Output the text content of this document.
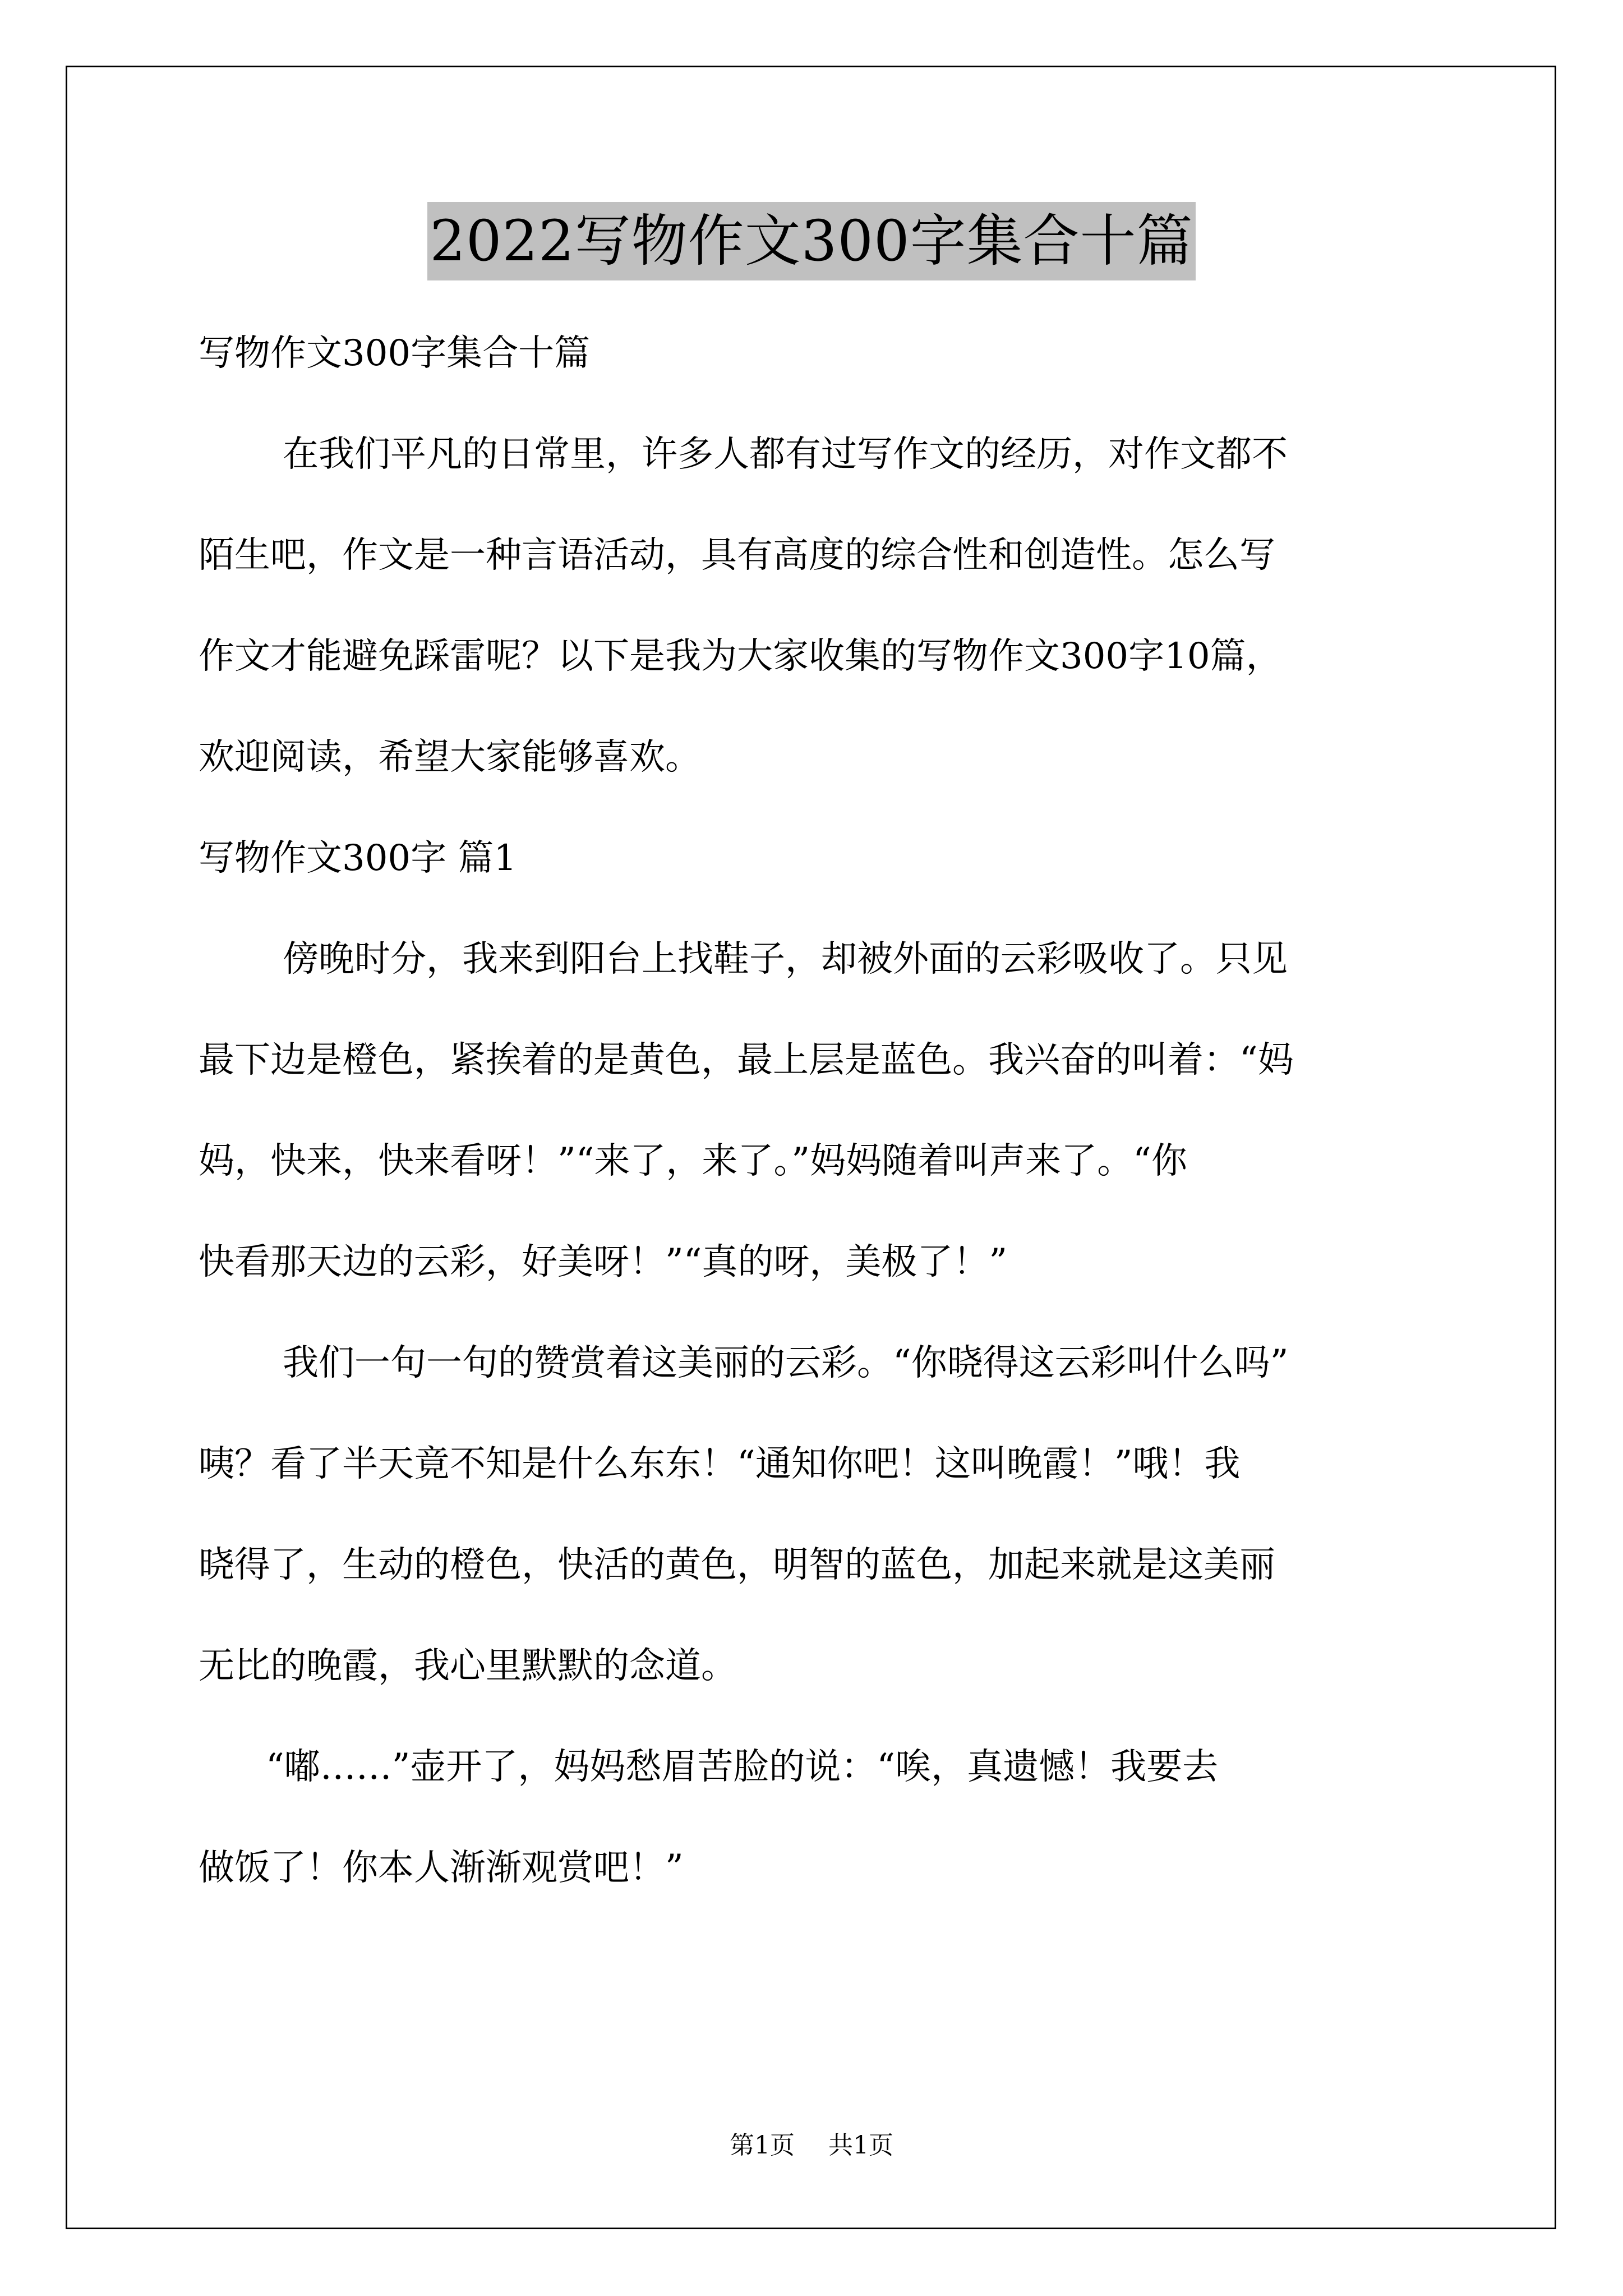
2022写物作文300字集合十篇

写物作文300字集合十篇

在我们平凡的日常里，许多人都有过写作文的经历，对作文都不

陌生吧，作文是一种言语活动，具有高度的综合性和创造性。怎么写

作文才能避免踩雷呢？以下是我为大家收集的写物作文300字10篇，

欢迎阅读，希望大家能够喜欢。

写物作文300字 篇1

傍晚时分，我来到阳台上找鞋子，却被外面的云彩吸收了。只见

最下边是橙色，紧挨着的是黄色，最上层是蓝色。我兴奋的叫着：“妈

妈，快来，快来看呀！”“来了，来了。”妈妈随着叫声来了。“你

快看那天边的云彩，好美呀！”“真的呀，美极了！”

我们一句一句的赞赏着这美丽的云彩。“你晓得这云彩叫什么吗”

咦？看了半天竟不知是什么东东！“通知你吧！这叫晚霞！”哦！我

晓得了，生动的橙色，快活的黄色，明智的蓝色，加起来就是这美丽

无比的晚霞，我心里默默的念道。

“嘟……”壶开了，妈妈愁眉苦脸的说：“唉，真遗憾！我要去

做饭了！你本人渐渐观赏吧！”

第1页 共1页
